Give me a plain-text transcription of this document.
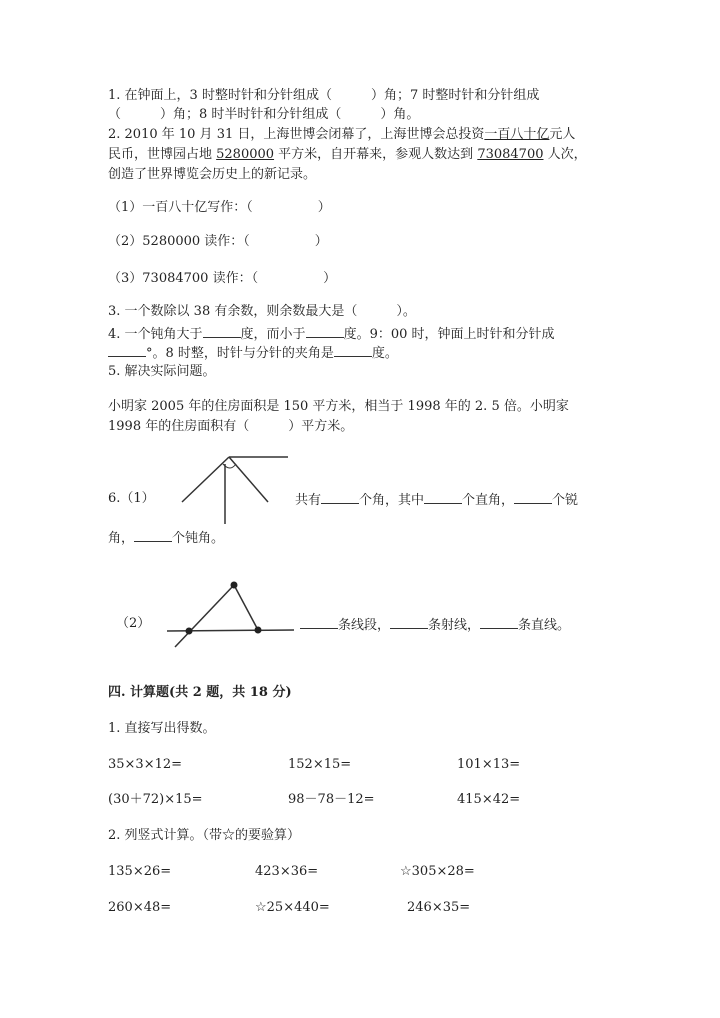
1. 在钟面上，3 时整时针和分针组成（　　　）角；7 时整时针和分针组成
（　　　）角；8 时半时针和分针组成（　　　）角。
2. 2010 年 10 月 31 日，上海世博会闭幕了，上海世博会总投资一百八十亿元人
民币，世博园占地 5280000 平方米，自开幕来，参观人数达到 73084700 人次，
创造了世界博览会历史上的新记录。
（1）一百八十亿写作：（　　　　　）
（2）5280000 读作：（　　　　　）
（3）73084700 读作：（　　　　　）
3. 一个数除以 38 有余数，则余数最大是（　　　）。
4. 一个钝角大于	度，而小于	度。9：00 时，钟面上时针和分针成
°。8 时整，时针与分针的夹角是	度。
5. 解决实际问题。
小明家 2005 年的住房面积是 150 平方米，相当于 1998 年的 2. 5 倍。小明家
1998 年的住房面积有（　　　）平方米。
6.（1）	共有	个角，其中	个直角，	个锐
角，	个钝角。
（2）	条线段，	条射线，	条直线。
四. 计算题(共 2 题，共 18 分)
1. 直接写出得数。
35×3×12=	152×15=	101×13=
(30＋72)×15=	98－78－12=	415×42=
2. 列竖式计算。（带☆的要验算）
135×26=	423×36=	☆305×28=
260×48=	☆25×440=	246×35=
